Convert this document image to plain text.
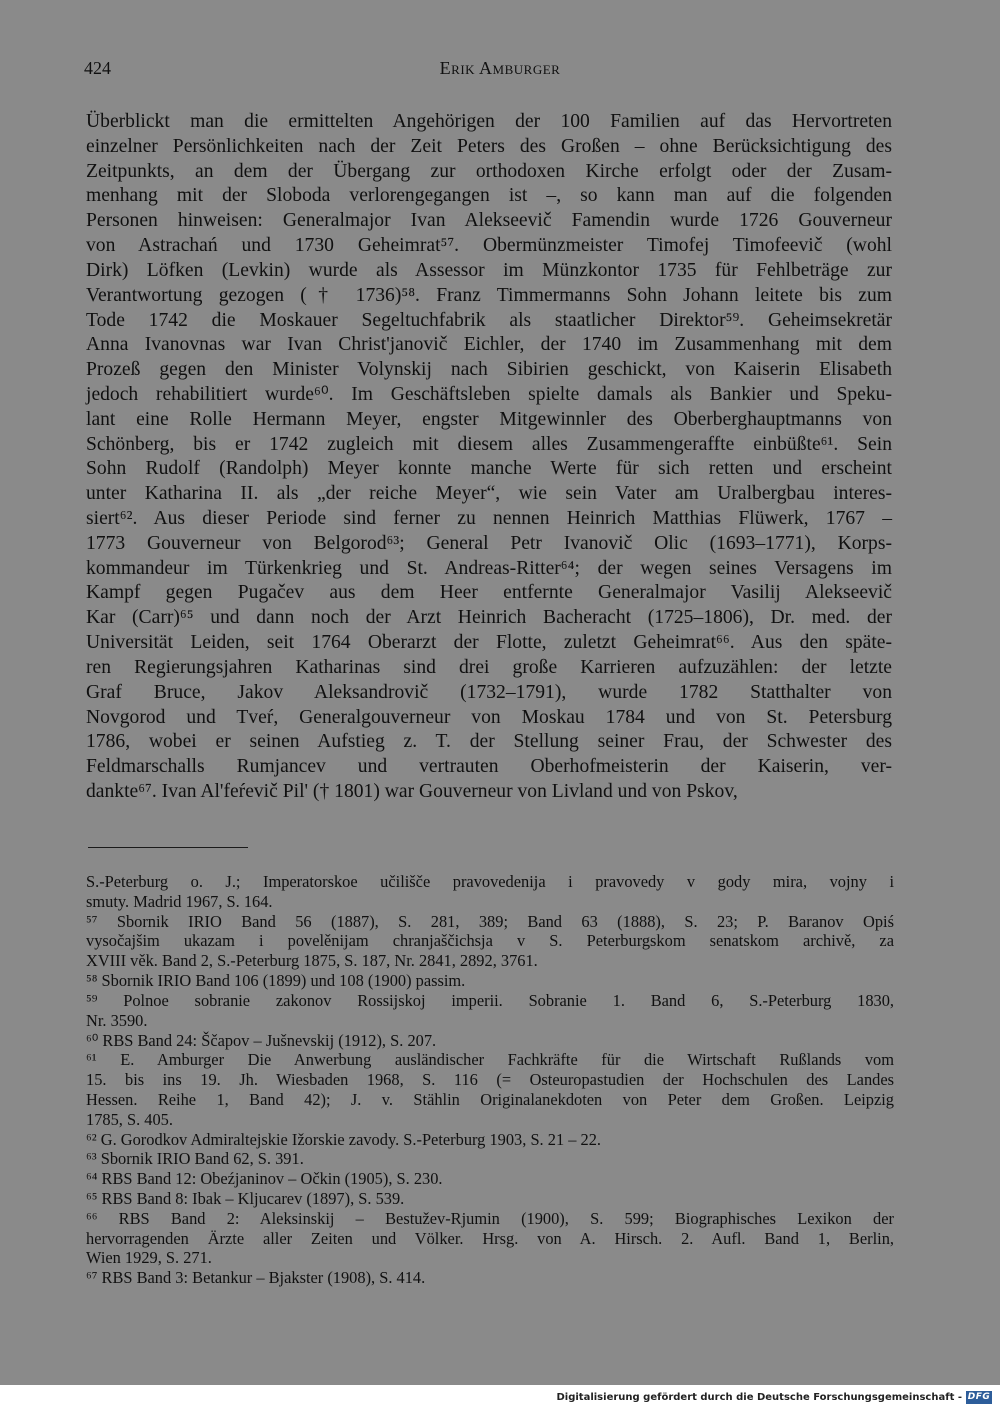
424	Erik Amburger
Überblickt man die ermittelten Angehörigen der 100 Familien auf das Hervortreten
einzelner Persönlichkeiten nach der Zeit Peters des Großen – ohne Berücksichtigung des
Zeitpunkts, an dem der Übergang zur orthodoxen Kirche erfolgt oder der Zusam-
menhang mit der Sloboda verlorengegangen ist –, so kann man auf die folgenden
Personen hinweisen: Generalmajor Ivan Alekseevič Famendin wurde 1726 Gouverneur
von Astrachań und 1730 Geheimrat⁵⁷. Obermünzmeister Timofej Timofeevič (wohl
Dirk) Löfken (Levkin) wurde als Assessor im Münzkontor 1735 für Fehlbeträge zur
Verantwortung gezogen († 1736)⁵⁸. Franz Timmermanns Sohn Johann leitete bis zum
Tode 1742 die Moskauer Segeltuchfabrik als staatlicher Direktor⁵⁹. Geheimsekretär
Anna Ivanovnas war Ivan Christ'janovič Eichler, der 1740 im Zusammenhang mit dem
Prozeß gegen den Minister Volynskij nach Sibirien geschickt, von Kaiserin Elisabeth
jedoch rehabilitiert wurde⁶⁰. Im Geschäftsleben spielte damals als Bankier und Speku-
lant eine Rolle Hermann Meyer, engster Mitgewinnler des Oberberghauptmanns von
Schönberg, bis er 1742 zugleich mit diesem alles Zusammengeraffte einbüßte⁶¹. Sein
Sohn Rudolf (Randolph) Meyer konnte manche Werte für sich retten und erscheint
unter Katharina II. als „der reiche Meyer“, wie sein Vater am Uralbergbau interes-
siert⁶². Aus dieser Periode sind ferner zu nennen Heinrich Matthias Flüwerk, 1767 –
1773 Gouverneur von Belgorod⁶³; General Petr Ivanovič Olic (1693–1771), Korps-
kommandeur im Türkenkrieg und St. Andreas-Ritter⁶⁴; der wegen seines Versagens im
Kampf gegen Pugačev aus dem Heer entfernte Generalmajor Vasilij Alekseevič
Kar (Carr)⁶⁵ und dann noch der Arzt Heinrich Bacheracht (1725–1806), Dr. med. der
Universität Leiden, seit 1764 Oberarzt der Flotte, zuletzt Geheimrat⁶⁶. Aus den späte-
ren Regierungsjahren Katharinas sind drei große Karrieren aufzuzählen: der letzte
Graf Bruce, Jakov Aleksandrovič (1732–1791), wurde 1782 Statthalter von
Novgorod und Tveŕ, Generalgouverneur von Moskau 1784 und von St. Petersburg
1786, wobei er seinen Aufstieg z. T. der Stellung seiner Frau, der Schwester des
Feldmarschalls Rumjancev und vertrauten Oberhofmeisterin der Kaiserin, ver-
dankte⁶⁷. Ivan Al'feŕevič Pil' († 1801) war Gouverneur von Livland und von Pskov,
S.-Peterburg o. J.; Imperatorskoe učilišče pravovedenija i pravovedy v gody mira, vojny i
smuty. Madrid 1967, S. 164.
⁵⁷ Sbornik IRIO Band 56 (1887), S. 281, 389; Band 63 (1888), S. 23; P. Baranov Opiś
vysočajšim ukazam i povelěnijam chranjaščichsja v S. Peterburgskom senatskom archivě, za
XVIII věk. Band 2, S.-Peterburg 1875, S. 187, Nr. 2841, 2892, 3761.
⁵⁸ Sbornik IRIO Band 106 (1899) und 108 (1900) passim.
⁵⁹ Polnoe sobranie zakonov Rossijskoj imperii. Sobranie 1. Band 6, S.-Peterburg 1830,
Nr. 3590.
⁶⁰ RBS Band 24: Ščapov – Jušnevskij (1912), S. 207.
⁶¹ E. Amburger Die Anwerbung ausländischer Fachkräfte für die Wirtschaft Rußlands vom
15. bis ins 19. Jh. Wiesbaden 1968, S. 116 (= Osteuropastudien der Hochschulen des Landes
Hessen. Reihe 1, Band 42); J. v. Stählin Originalanekdoten von Peter dem Großen. Leipzig
1785, S. 405.
⁶² G. Gorodkov Admiraltejskie Ižorskie zavody. S.-Peterburg 1903, S. 21 – 22.
⁶³ Sbornik IRIO Band 62, S. 391.
⁶⁴ RBS Band 12: Obeźjaninov – Očkin (1905), S. 230.
⁶⁵ RBS Band 8: Ibak – Kljucarev (1897), S. 539.
⁶⁶ RBS Band 2: Aleksinskij – Bestužev-Rjumin (1900), S. 599; Biographisches Lexikon der
hervorragenden Ärzte aller Zeiten und Völker. Hrsg. von A. Hirsch. 2. Aufl. Band 1, Berlin,
Wien 1929, S. 271.
⁶⁷ RBS Band 3: Betankur – Bjakster (1908), S. 414.
Digitalisierung gefördert durch die Deutsche Forschungsgemeinschaft - DFG
